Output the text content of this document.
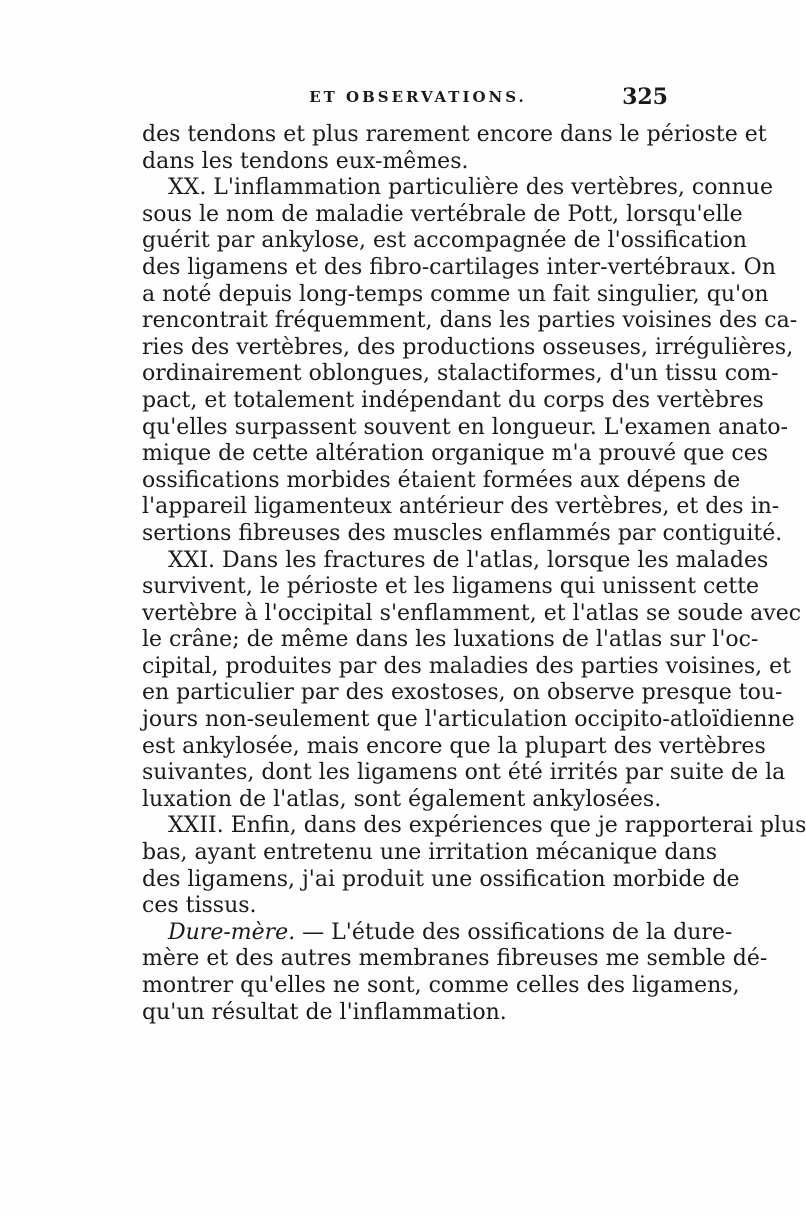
ET OBSERVATIONS.	325

des tendons et plus rarement encore dans le périoste et
dans les tendons eux-mêmes.

XX. L'inflammation particulière des vertèbres, connue
sous le nom de maladie vertébrale de Pott, lorsqu'elle
guérit par ankylose, est accompagnée de l'ossification
des ligamens et des fibro-cartilages inter-vertébraux. On
a noté depuis long-temps comme un fait singulier, qu'on
rencontrait fréquemment, dans les parties voisines des ca-
ries des vertèbres, des productions osseuses, irrégulières,
ordinairement oblongues, stalactiformes, d'un tissu com-
pact, et totalement indépendant du corps des vertèbres
qu'elles surpassent souvent en longueur. L'examen anato-
mique de cette altération organique m'a prouvé que ces
ossifications morbides étaient formées aux dépens de
l'appareil ligamenteux antérieur des vertèbres, et des in-
sertions fibreuses des muscles enflammés par contiguité.

XXI. Dans les fractures de l'atlas, lorsque les malades
survivent, le périoste et les ligamens qui unissent cette
vertèbre à l'occipital s'enflamment, et l'atlas se soude avec
le crâne; de même dans les luxations de l'atlas sur l'oc-
cipital, produites par des maladies des parties voisines, et
en particulier par des exostoses, on observe presque tou-
jours non-seulement que l'articulation occipito-atloïdienne
est ankylosée, mais encore que la plupart des vertèbres
suivantes, dont les ligamens ont été irrités par suite de la
luxation de l'atlas, sont également ankylosées.

XXII. Enfin, dans des expériences que je rapporterai plus
bas, ayant entretenu une irritation mécanique dans
des ligamens, j'ai produit une ossification morbide de
ces tissus.

Dure-mère. — L'étude des ossifications de la dure-
mère et des autres membranes fibreuses me semble dé-
montrer qu'elles ne sont, comme celles des ligamens,
qu'un résultat de l'inflammation.
